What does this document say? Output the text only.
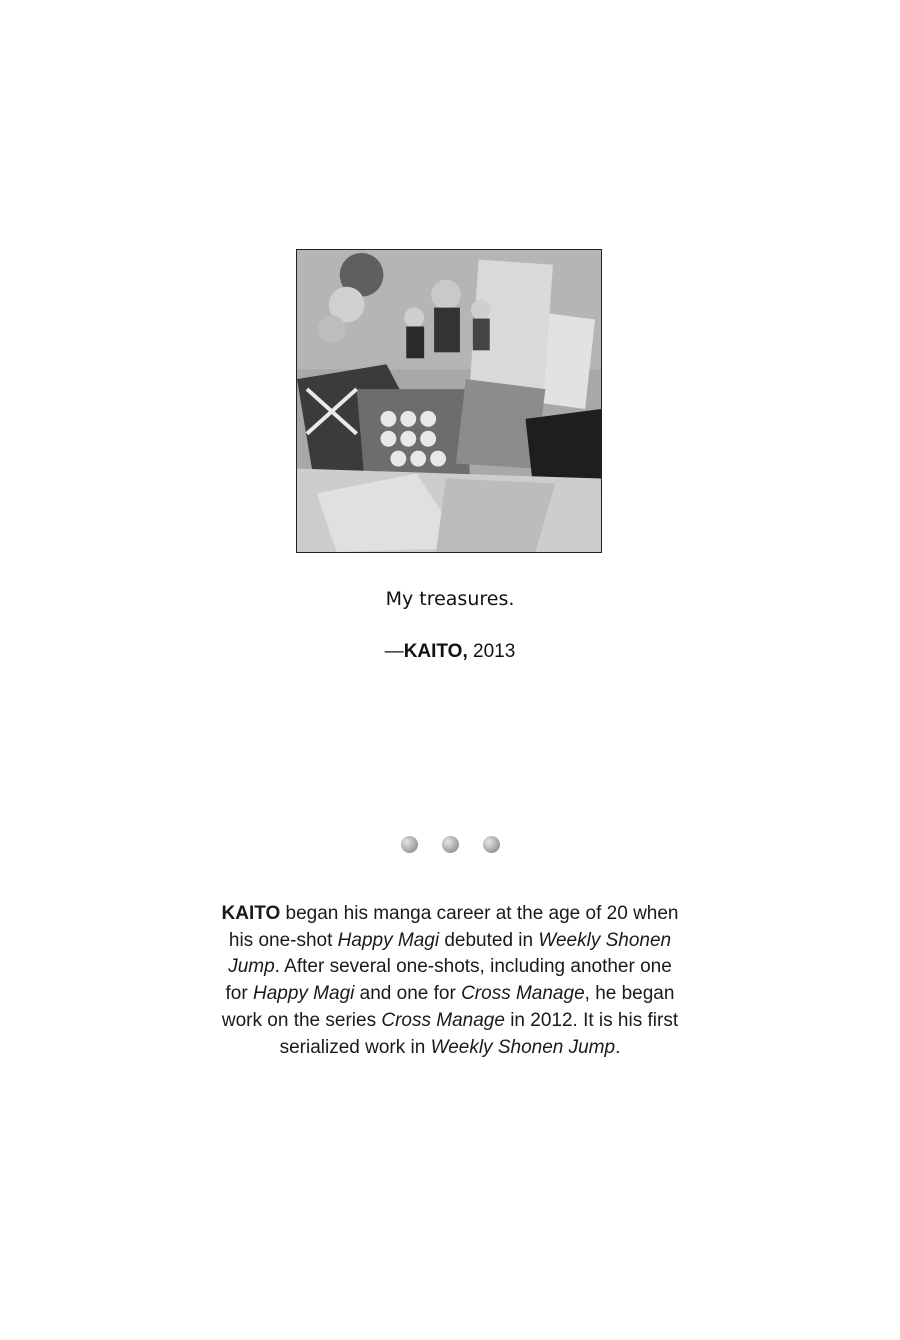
My treasures.
—KAITO, 2013
KAITO began his manga career at the age of 20 when his one-shot Happy Magi debuted in Weekly Shonen Jump. After several one-shots, including another one for Happy Magi and one for Cross Manage, he began work on the series Cross Manage in 2012. It is his first serialized work in Weekly Shonen Jump.
